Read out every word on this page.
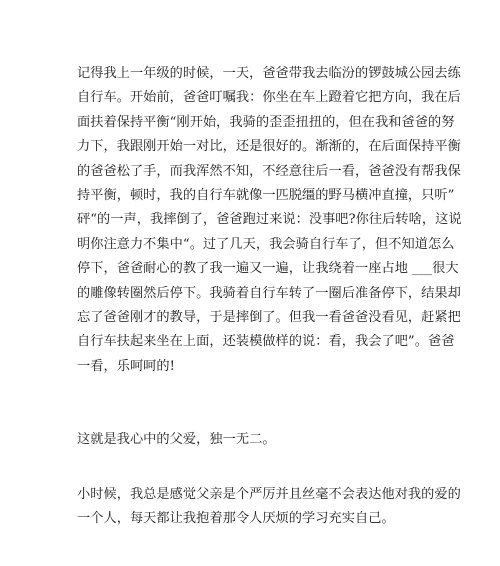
记得我上一年级的时候，一天，爸爸带我去临汾的锣鼓城公园去练
自行车。开始前，爸爸叮嘱我：你坐在车上蹬着它把方向，我在后
面扶着保持平衡“刚开始，我骑的歪歪扭扭的，但在我和爸爸的努
力下，我跟刚开始一对比，还是很好的。渐渐的，在后面保持平衡
的爸爸松了手，而我浑然不知，不经意往后一看，爸爸没有帮我保
持平衡，顿时，我的自行车就像一匹脱缰的野马横冲直撞，只听”
砰“的一声，我摔倒了，爸爸跑过来说：没事吧?你往后转啥，这说
明你注意力不集中“。过了几天，我会骑自行车了，但不知道怎么
停下，爸爸耐心的教了我一遍又一遍，让我绕着一座占地 ___很大
的雕像转圈然后停下。我骑着自行车转了一圈后准备停下，结果却
忘了爸爸刚才的教导，于是摔倒了。但我一看爸爸没看见，赶紧把
自行车扶起来坐在上面，还装模做样的说：看，我会了吧”。爸爸
一看，乐呵呵的!
这就是我心中的父爱，独一无二。
小时候，我总是感觉父亲是个严厉并且丝毫不会表达他对我的爱的
一个人，每天都让我抱着那令人厌烦的学习充实自己。
